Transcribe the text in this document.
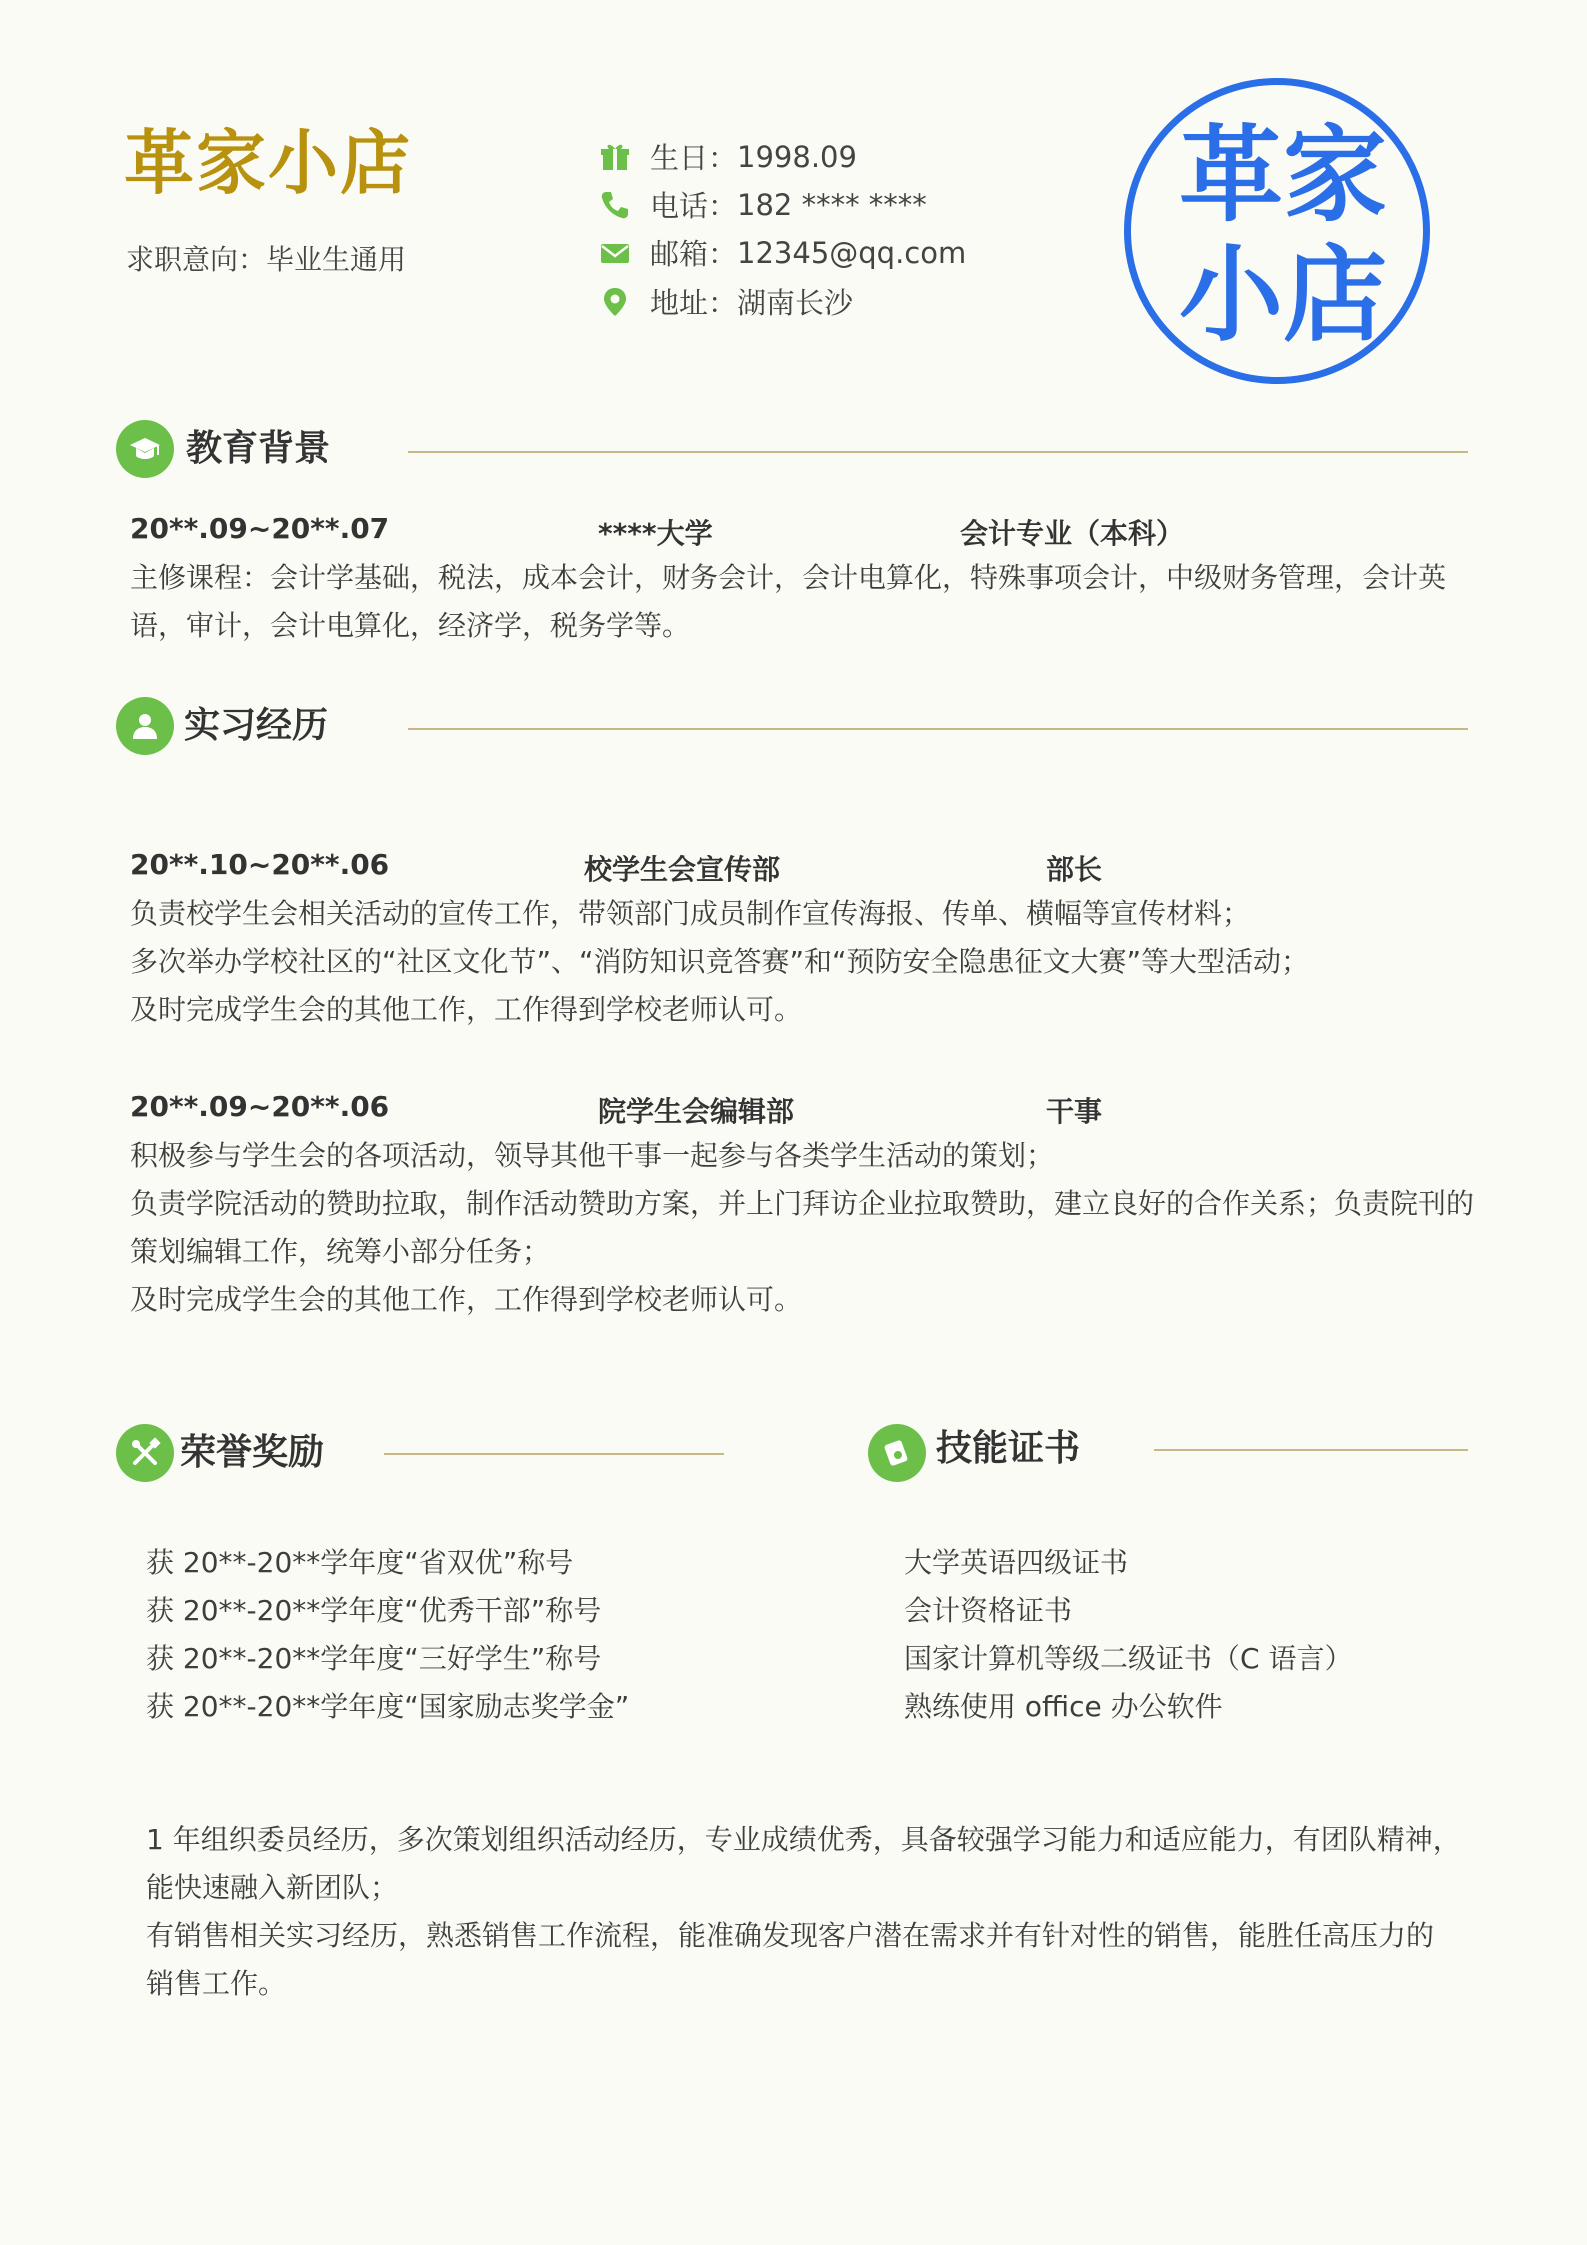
革家小店
求职意向：毕业生通用
生日： 1998.09
电话： 182 **** ****
邮箱： 12345@qq.com
地址： 湖南长沙
革家
小店
教育背景
20**.09~20**.07	****大学	会计专业（本科）
主修课程：会计学基础，税法，成本会计，财务会计，会计电算化，特殊事项会计，中级财务管理，会计英
语，审计，会计电算化，经济学，税务学等。
实习经历
20**.10~20**.06	校学生会宣传部	部长
负责校学生会相关活动的宣传工作，带领部门成员制作宣传海报、传单、横幅等宣传材料；
多次举办学校社区的“社区文化节”、“消防知识竞答赛”和“预防安全隐患征文大赛”等大型活动；
及时完成学生会的其他工作，工作得到学校老师认可。
20**.09~20**.06	院学生会编辑部	干事
积极参与学生会的各项活动，领导其他干事一起参与各类学生活动的策划；
负责学院活动的赞助拉取，制作活动赞助方案，并上门拜访企业拉取赞助，建立良好的合作关系；负责院刊的
策划编辑工作，统筹小部分任务；
及时完成学生会的其他工作，工作得到学校老师认可。
荣誉奖励
获 20**-20**学年度“省双优”称号
获 20**-20**学年度“优秀干部”称号
获 20**-20**学年度“三好学生”称号
获 20**-20**学年度“国家励志奖学金”
技能证书
大学英语四级证书
会计资格证书
国家计算机等级二级证书（C 语言）
熟练使用 office 办公软件
1 年组织委员经历，多次策划组织活动经历，专业成绩优秀，具备较强学习能力和适应能力，有团队精神，
能快速融入新团队；
有销售相关实习经历，熟悉销售工作流程，能准确发现客户潜在需求并有针对性的销售，能胜任高压力的
销售工作。
